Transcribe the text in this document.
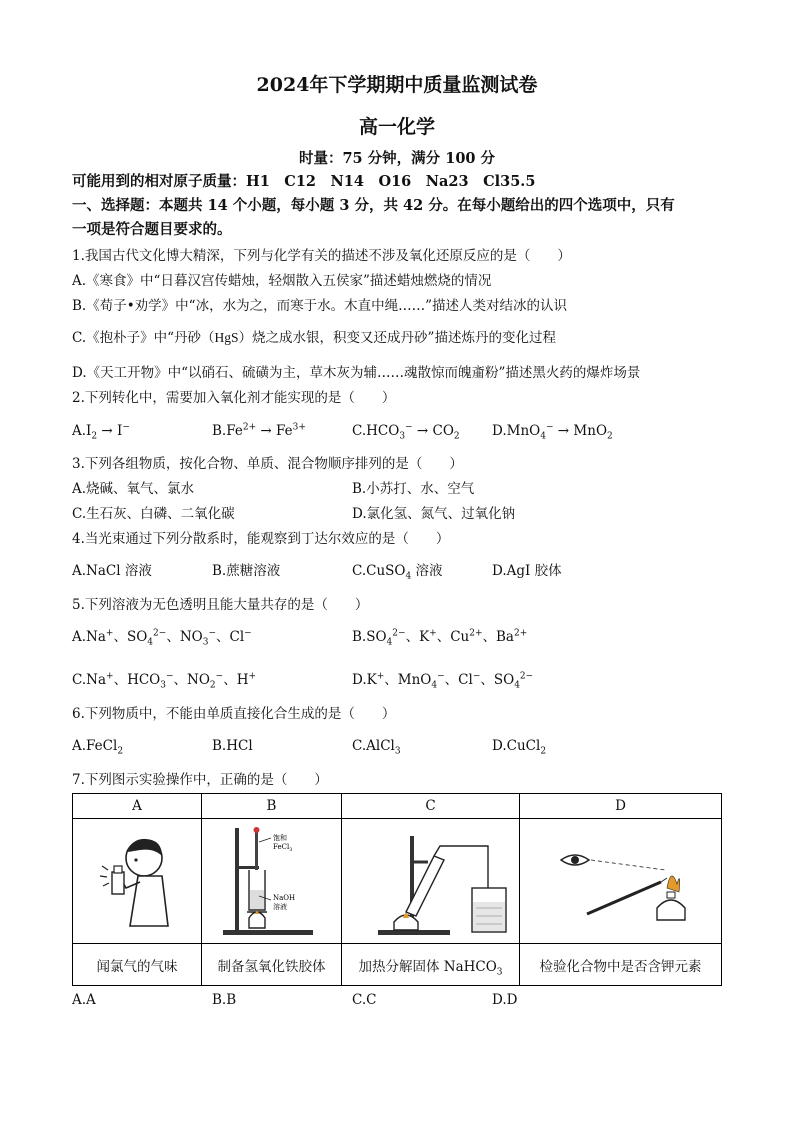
2024年下学期期中质量监测试卷
高一化学
时量：75 分钟，满分 100 分
可能用到的相对原子质量：H1　C12　N14　O16　Na23　Cl35.5
一、选择题：本题共 14 个小题，每小题 3 分，共 42 分。在每小题给出的四个选项中，只有
一项是符合题目要求的。
1.我国古代文化博大精深，下列与化学有关的描述不涉及氧化还原反应的是（　　）
A.《寒食》中“日暮汉宫传蜡烛，轻烟散入五侯家”描述蜡烛燃烧的情况
B.《荀子•劝学》中“冰，水为之，而寒于水。木直中绳……”描述人类对结冰的认识
C.《抱朴子》中“丹砂（HgS）烧之成水银，积变又还成丹砂”描述炼丹的变化过程
D.《天工开物》中“以硝石、硫磺为主，草木灰为辅……魂散惊而魄齑粉”描述黑火药的爆炸场景
2.下列转化中，需要加入氧化剂才能实现的是（　　）
$A.I_2 \to I^-$	$B.Fe^{2+} \to Fe^{3+}$	$C.HCO_3^- \to CO_2$ D.MnO$_4$− → MnO$_2$
3.下列各组物质，按化合物、单质、混合物顺序排列的是（　　）
A.烧碱、氧气、氯水	B.小苏打、水、空气
C.生石灰、白磷、二氧化碳	D.氯化氢、氮气、过氧化钠
4.当光束通过下列分散系时，能观察到丁达尔效应的是（　　）
A.NaCl 溶液	B.蔗糖溶液	C.CuSO$_4$ 溶液	D.AgI 胶体
5.下列溶液为无色透明且能大量共存的是（　　）
A.Na+、$SO_4^{2-}$、$NO_3^-$、Cl−	$B.SO_4^{2-}$、K+、$Cu^{2+}$、$Ba^{2+}$
C.Na+、$HCO_3^-$、$NO_2^-$、H+	D.K+、MnO$_4$−、Cl−、$SO_4^{2-}$
6.下列物质中，不能由单质直接化合生成的是（　　）
A.FeCl$_2$	B.HCl	C.AlCl$_3$	D.CuCl$_2$
7.下列图示实验操作中，正确的是（　　）
A	B	C	D

饱和
FeCl$_3$
NaOH
溶液

闻氯气的气味	制备氢氧化铁胶体	加热分解固体 NaHCO$_3$	检验化合物中是否含钾元素
A.A	B.B	C.C	D.D
